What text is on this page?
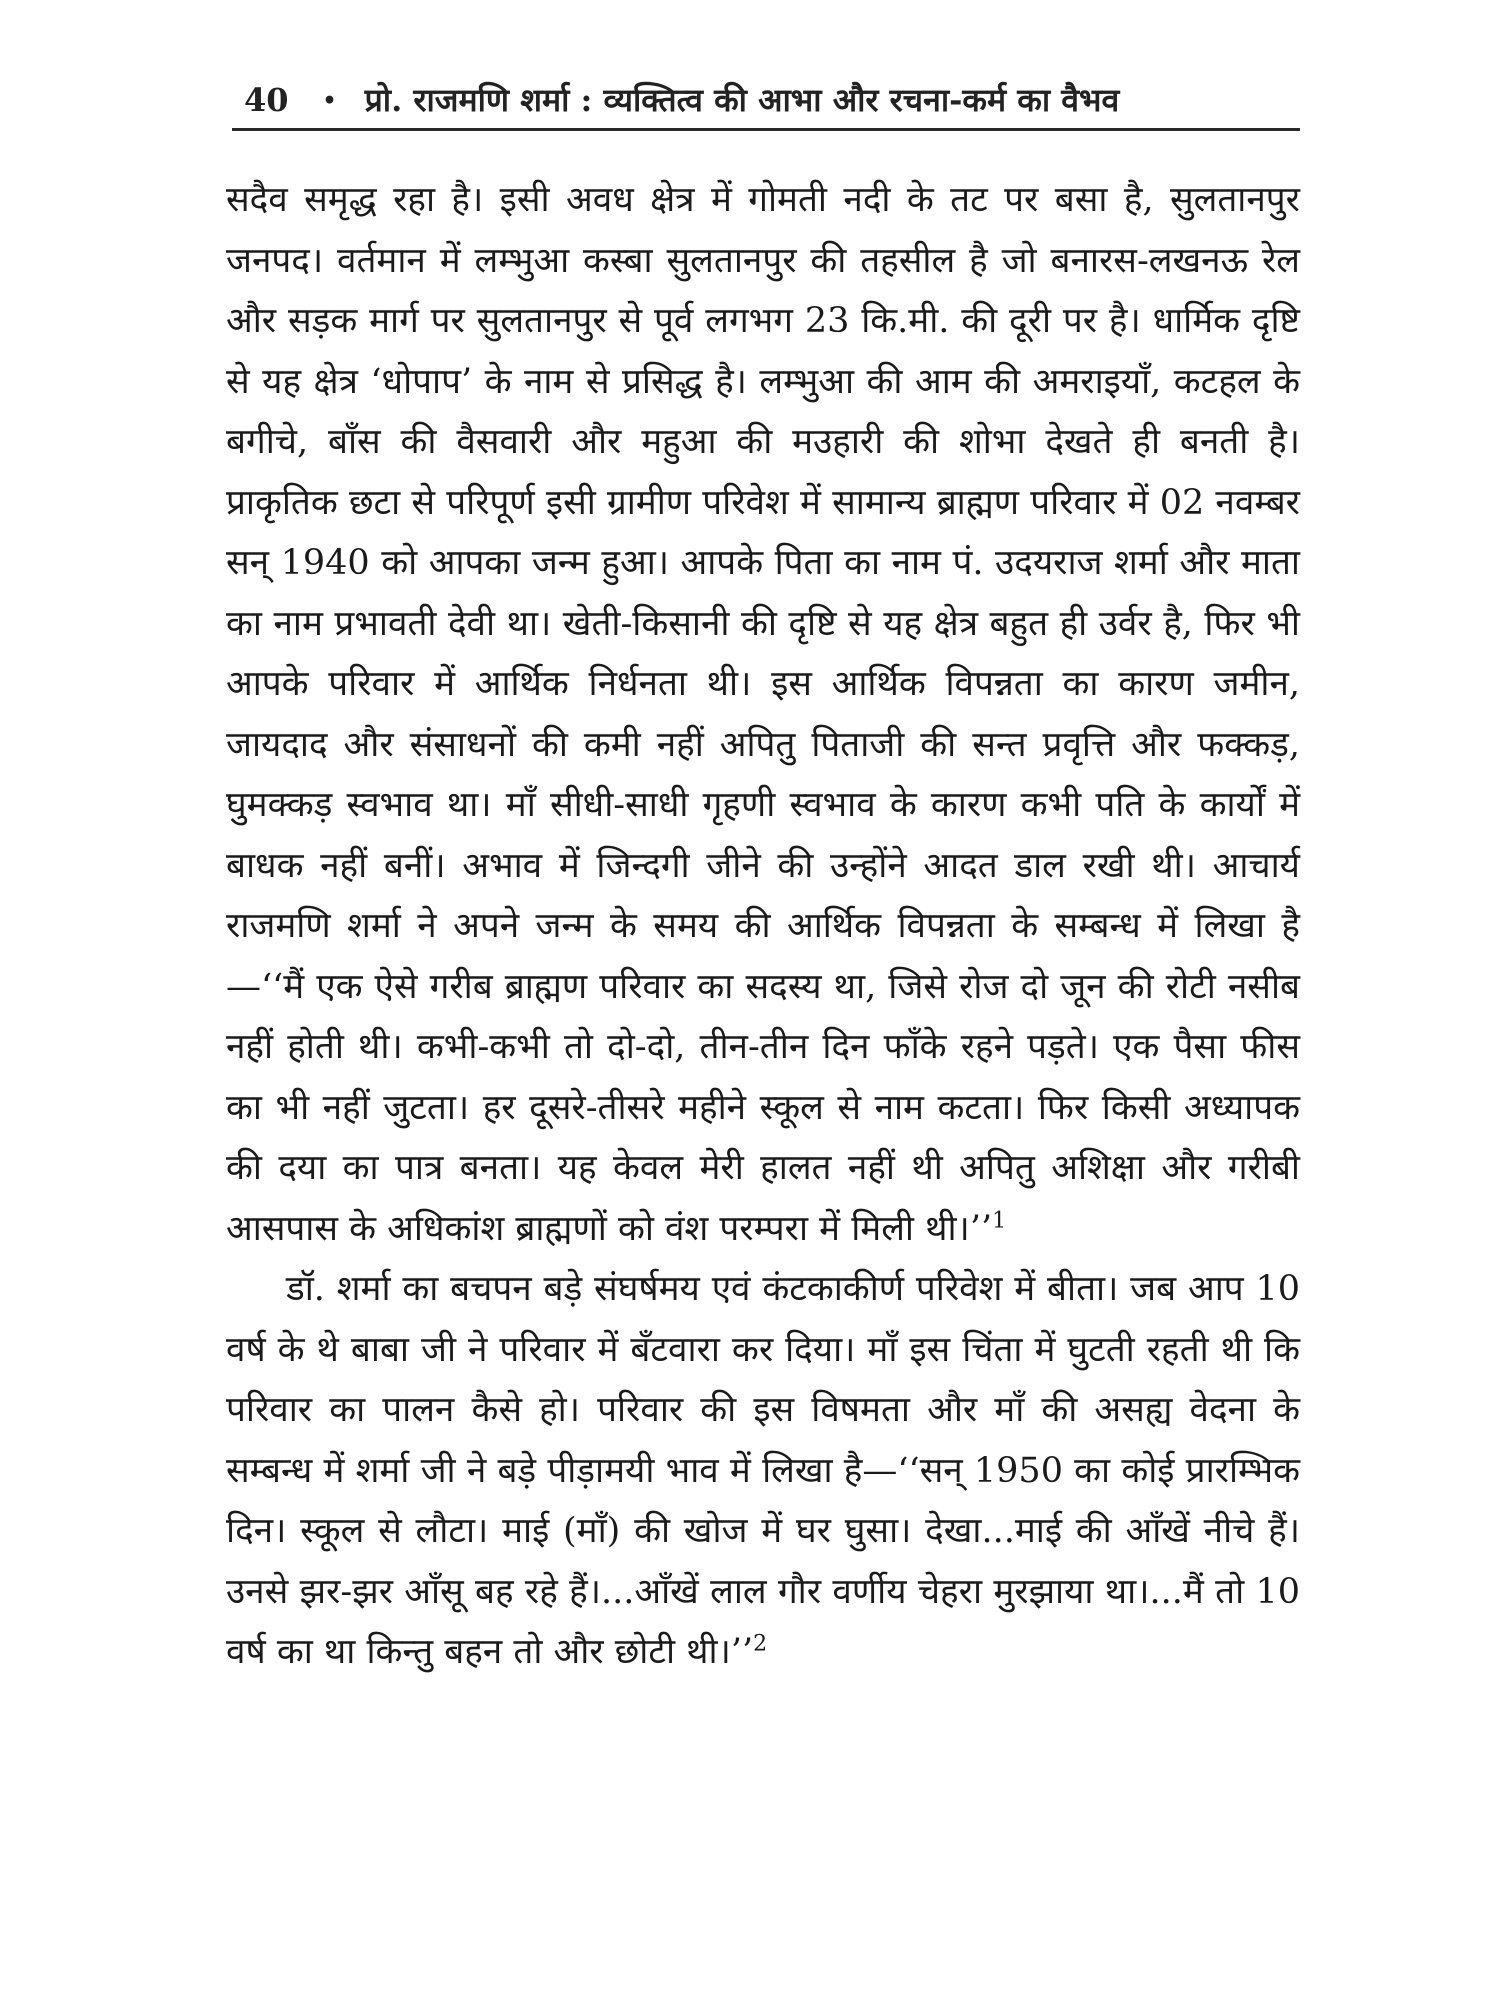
40 • प्रो. राजमणि शर्मा : व्यक्तित्व की आभा और रचना-कर्म का वैभव

सदैव समृद्ध रहा है। इसी अवध क्षेत्र में गोमती नदी के तट पर बसा है, सुलतानपुर जनपद। वर्तमान में लम्भुआ कस्बा सुलतानपुर की तहसील है जो बनारस-लखनऊ रेल और सड़क मार्ग पर सुलतानपुर से पूर्व लगभग 23 कि.मी. की दूरी पर है। धार्मिक दृष्टि से यह क्षेत्र ‘धोपाप’ के नाम से प्रसिद्ध है। लम्भुआ की आम की अमराइयाँ, कटहल के बगीचे, बाँस की वैसवारी और महुआ की मउहारी की शोभा देखते ही बनती है। प्राकृतिक छटा से परिपूर्ण इसी ग्रामीण परिवेश में सामान्य ब्राह्मण परिवार में 02 नवम्बर सन् 1940 को आपका जन्म हुआ। आपके पिता का नाम पं. उदयराज शर्मा और माता का नाम प्रभावती देवी था। खेती-किसानी की दृष्टि से यह क्षेत्र बहुत ही उर्वर है, फिर भी आपके परिवार में आर्थिक निर्धनता थी। इस आर्थिक विपन्नता का कारण जमीन, जायदाद और संसाधनों की कमी नहीं अपितु पिताजी की सन्त प्रवृत्ति और फक्कड़, घुमक्कड़ स्वभाव था। माँ सीधी-साधी गृहणी स्वभाव के कारण कभी पति के कार्यों में बाधक नहीं बनीं। अभाव में जिन्दगी जीने की उन्होंने आदत डाल रखी थी। आचार्य राजमणि शर्मा ने अपने जन्म के समय की आर्थिक विपन्नता के सम्बन्ध में लिखा है—‘‘मैं एक ऐसे गरीब ब्राह्मण परिवार का सदस्य था, जिसे रोज दो जून की रोटी नसीब नहीं होती थी। कभी-कभी तो दो-दो, तीन-तीन दिन फाँके रहने पड़ते। एक पैसा फीस का भी नहीं जुटता। हर दूसरे-तीसरे महीने स्कूल से नाम कटता। फिर किसी अध्यापक की दया का पात्र बनता। यह केवल मेरी हालत नहीं थी अपितु अशिक्षा और गरीबी आसपास के अधिकांश ब्राह्मणों को वंश परम्परा में मिली थी।’’$^1$

डॉ. शर्मा का बचपन बड़े संघर्षमय एवं कंटकाकीर्ण परिवेश में बीता। जब आप 10 वर्ष के थे बाबा जी ने परिवार में बँटवारा कर दिया। माँ इस चिंता में घुटती रहती थी कि परिवार का पालन कैसे हो। परिवार की इस विषमता और माँ की असह्य वेदना के सम्बन्ध में शर्मा जी ने बड़े पीड़ामयी भाव में लिखा है—‘‘सन् 1950 का कोई प्रारम्भिक दिन। स्कूल से लौटा। माई (माँ) की खोज में घर घुसा। देखा...माई की आँखें नीचे हैं। उनसे झर-झर आँसू बह रहे हैं।...आँखें लाल गौर वर्णीय चेहरा मुरझाया था।...मैं तो 10 वर्ष का था किन्तु बहन तो और छोटी थी।’’$^2$
